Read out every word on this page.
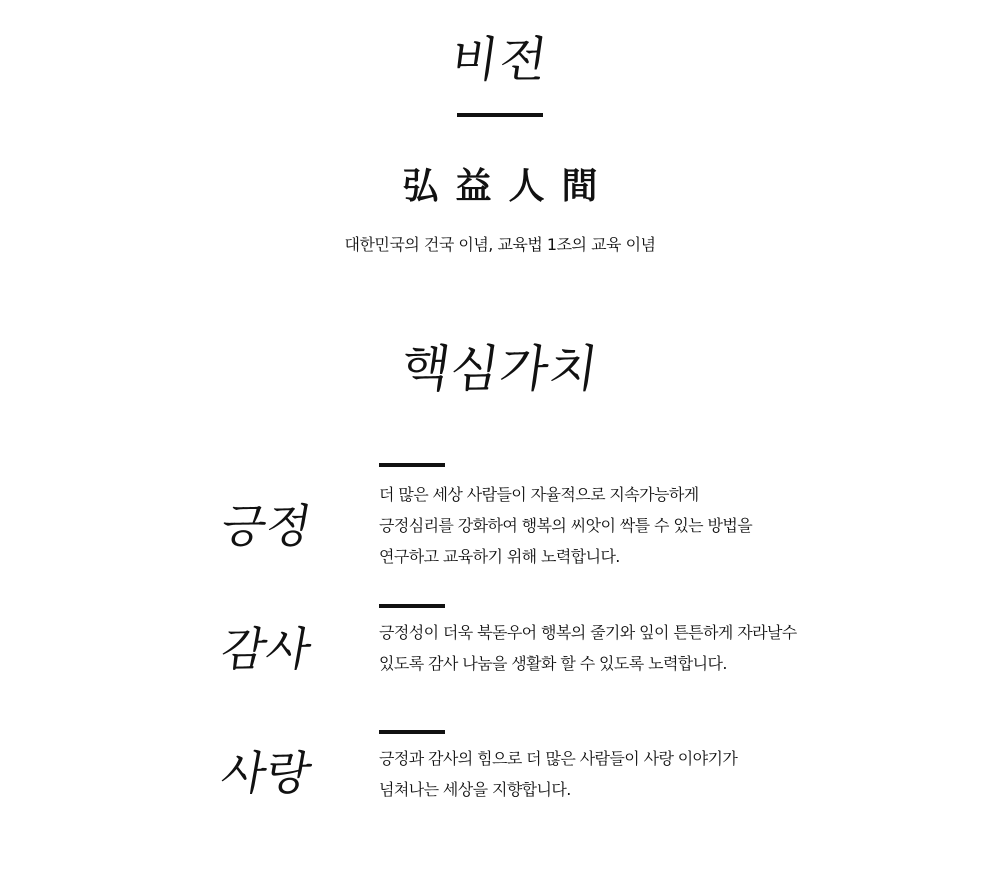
비전
弘益人間
대한민국의 건국 이념, 교육법 1조의 교육 이념
핵심가치
긍정
더 많은 세상 사람들이 자율적으로 지속가능하게
긍정심리를 강화하여 행복의 씨앗이 싹틀 수 있는 방법을
연구하고 교육하기 위해 노력합니다.
감사	긍정성이 더욱 북돋우어 행복의 줄기와 잎이 튼튼하게 자라날수
있도록 감사 나눔을 생활화 할 수 있도록 노력합니다.
사랑	긍정과 감사의 힘으로 더 많은 사람들이 사랑 이야기가
넘쳐나는 세상을 지향합니다.
